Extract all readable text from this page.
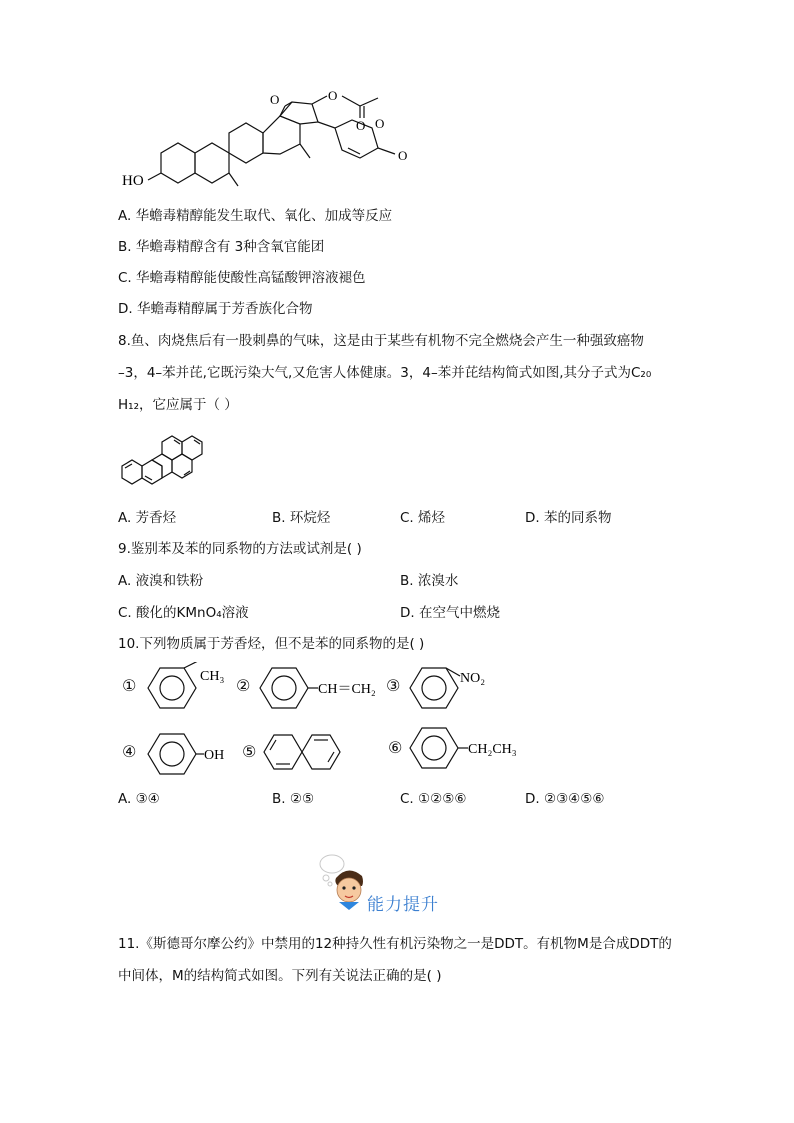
HO
O	O
O O
O
A. 华蟾毒精醇能发生取代、氧化、加成等反应
B. 华蟾毒精醇含有 3种含氧官能团
C. 华蟾毒精醇能使酸性高锰酸钾溶液褪色
D. 华蟾毒精醇属于芳香族化合物
8.鱼、肉烧焦后有一股刺鼻的气味，这是由于某些有机物不完全燃烧会产生一种强致癌物
–3，4–苯并芘,它既污染大气,又危害人体健康。3，4–苯并芘结构简式如图,其分子式为C₂₀
H₁₂，它应属于（ ）
A. 芳香烃	B. 环烷烃	C. 烯烃	D. 苯的同系物
9.鉴别苯及苯的同系物的方法或试剂是( )
A. 液溴和铁粉	B. 浓溴水
C. 酸化的KMnO₄溶液	D. 在空气中燃烧
10.下列物质属于芳香烃，但不是苯的同系物的是( )
①	CH₃ ②	CH＝CH₂ ③	NO₂
④	OH ⑤	⑥	CH₂CH₃
A. ③④	B. ②⑤	C. ①②⑤⑥	D. ②③④⑤⑥
能力提升
11.《斯德哥尔摩公约》中禁用的12种持久性有机污染物之一是DDT。有机物M是合成DDT的
中间体，M的结构简式如图。下列有关说法正确的是( )
